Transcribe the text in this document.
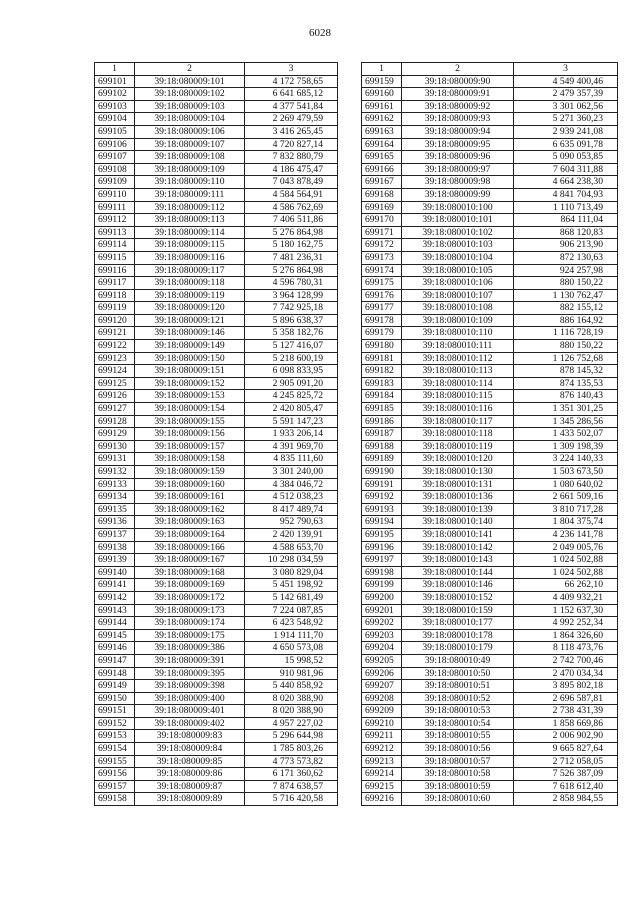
6028
1	2	3
699101	39:18:080009:101	4 172 758,65
699102	39:18:080009:102	6 641 685,12
699103	39:18:080009:103	4 377 541,84
699104	39:18:080009:104	2 269 479,59
699105	39:18:080009:106	3 416 265,45
699106	39:18:080009:107	4 720 827,14
699107	39:18:080009:108	7 832 880,79
699108	39:18:080009:109	4 186 475,47
699109	39:18:080009:110	7 043 878,49
699110	39:18:080009:111	4 584 564,91
699111	39:18:080009:112	4 586 762,69
699112	39:18:080009:113	7 406 511,86
699113	39:18:080009:114	5 276 864,98
699114	39:18:080009:115	5 180 162,75
699115	39:18:080009:116	7 481 236,31
699116	39:18:080009:117	5 276 864,98
699117	39:18:080009:118	4 596 780,31
699118	39:18:080009:119	3 964 128,99
699119	39:18:080009:120	7 742 925,18
699120	39:18:080009:121	5 896 638,37
699121	39:18:080009:146	5 358 182,76
699122	39:18:080009:149	5 127 416,07
699123	39:18:080009:150	5 218 600,19
699124	39:18:080009:151	6 098 833,95
699125	39:18:080009:152	2 905 091,20
699126	39:18:080009:153	4 245 825,72
699127	39:18:080009:154	2 420 805,47
699128	39:18:080009:155	5 591 147,23
699129	39:18:080009:156	1 933 206,14
699130	39:18:080009:157	4 391 969,70
699131	39:18:080009:158	4 835 111,60
699132	39:18:080009:159	3 301 240,00
699133	39:18:080009:160	4 384 046,72
699134	39:18:080009:161	4 512 038,23
699135	39:18:080009:162	8 417 489,74
699136	39:18:080009:163	952 790,63
699137	39:18:080009:164	2 420 139,91
699138	39:18:080009:166	4 588 653,70
699139	39:18:080009:167	10 298 034,59
699140	39:18:080009:168	3 080 829,04
699141	39:18:080009:169	5 451 198,92
699142	39:18:080009:172	5 142 681,49
699143	39:18:080009:173	7 224 087,85
699144	39:18:080009:174	6 423 548,92
699145	39:18:080009:175	1 914 111,70
699146	39:18:080009:386	4 650 573,08
699147	39:18:080009:391	15 998,52
699148	39:18:080009:395	910 981,96
699149	39:18:080009:398	5 440 858,92
699150	39:18:080009:400	8 020 388,90
699151	39:18:080009:401	8 020 388,90
699152	39:18:080009:402	4 957 227,02
699153	39:18:080009:83	5 296 644,98
699154	39:18:080009:84	1 785 803,26
699155	39:18:080009:85	4 773 573,82
699156	39:18:080009:86	6 171 360,62
699157	39:18:080009:87	7 874 638,57
699158	39:18:080009:89	5 716 420,58
1	2	3
699159	39:18:080009:90	4 549 400,46
699160	39:18:080009:91	2 479 357,39
699161	39:18:080009:92	3 301 062,56
699162	39:18:080009:93	5 271 360,23
699163	39:18:080009:94	2 939 241,08
699164	39:18:080009:95	6 635 091,78
699165	39:18:080009:96	5 090 053,85
699166	39:18:080009:97	7 604 311,88
699167	39:18:080009:98	4 664 238,30
699168	39:18:080009:99	4 841 704,93
699169	39:18:080010:100	1 110 713,49
699170	39:18:080010:101	864 111,04
699171	39:18:080010:102	868 120,83
699172	39:18:080010:103	906 213,90
699173	39:18:080010:104	872 130,63
699174	39:18:080010:105	924 257,98
699175	39:18:080010:106	880 150,22
699176	39:18:080010:107	1 130 762,47
699177	39:18:080010:108	882 155,12
699178	39:18:080010:109	886 164,92
699179	39:18:080010:110	1 116 728,19
699180	39:18:080010:111	880 150,22
699181	39:18:080010:112	1 126 752,68
699182	39:18:080010:113	878 145,32
699183	39:18:080010:114	874 135,53
699184	39:18:080010:115	876 140,43
699185	39:18:080010:116	1 351 301,25
699186	39:18:080010:117	1 345 286,56
699187	39:18:080010:118	1 433 502,07
699188	39:18:080010:119	1 309 198,39
699189	39:18:080010:120	3 224 140,33
699190	39:18:080010:130	1 503 673,50
699191	39:18:080010:131	1 080 640,02
699192	39:18:080010:136	2 661 509,16
699193	39:18:080010:139	3 810 717,28
699194	39:18:080010:140	1 804 375,74
699195	39:18:080010:141	4 236 141,78
699196	39:18:080010:142	2 049 005,76
699197	39:18:080010:143	1 024 502,88
699198	39:18:080010:144	1 024 502,88
699199	39:18:080010:146	66 262,10
699200	39:18:080010:152	4 409 932,21
699201	39:18:080010:159	1 152 637,30
699202	39:18:080010:177	4 992 252,34
699203	39:18:080010:178	1 864 326,60
699204	39:18:080010:179	8 118 473,76
699205	39:18:080010:49	2 742 700,46
699206	39:18:080010:50	2 470 034,34
699207	39:18:080010:51	3 895 802,18
699208	39:18:080010:52	2 696 587,81
699209	39:18:080010:53	2 738 431,39
699210	39:18:080010:54	1 858 669,86
699211	39:18:080010:55	2 006 902,90
699212	39:18:080010:56	9 665 827,64
699213	39:18:080010:57	2 712 058,05
699214	39:18:080010:58	7 526 387,09
699215	39:18:080010:59	7 618 612,40
699216	39:18:080010:60	2 858 984,55
